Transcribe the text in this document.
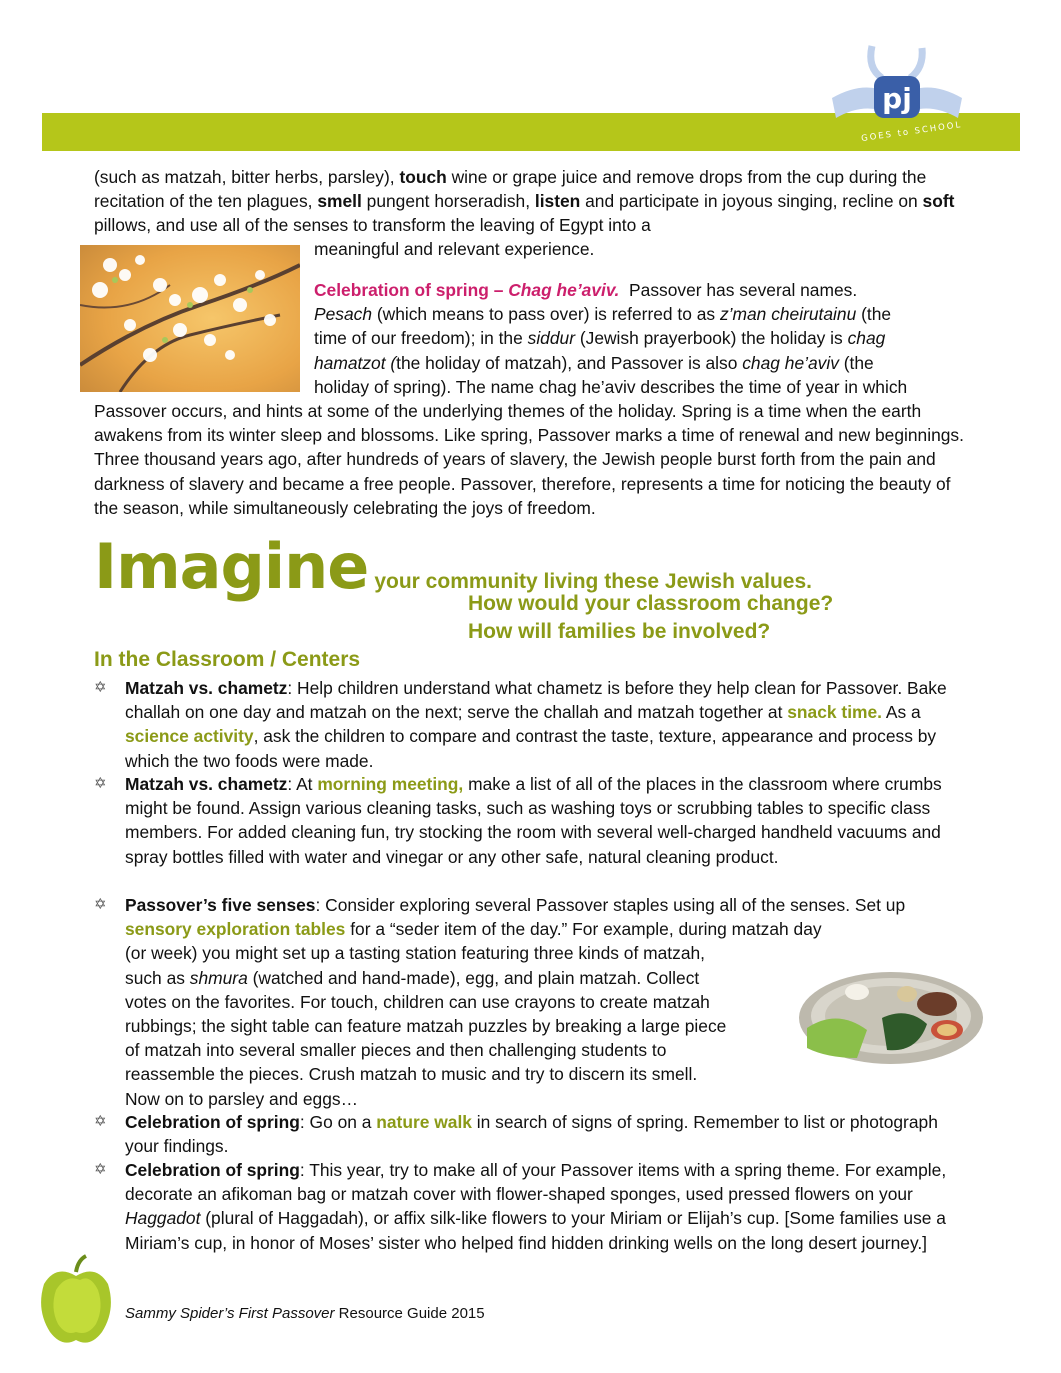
pj
GOES to SCHOOL

(such as matzah, bitter herbs, parsley), touch wine or grape juice and remove drops from the cup during the recitation of the ten plagues, smell pungent horseradish, listen and participate in joyous singing, recline on soft pillows, and use all of the senses to transform the leaving of Egypt into a

meaningful and relevant experience.
Celebration of spring – Chag he’aviv. Passover has several names.
Pesach (which means to pass over) is referred to as z’man cheirutainu (the
time of our freedom); in the siddur (Jewish prayerbook) the holiday is chag
hamatzot (the holiday of matzah), and Passover is also chag he’aviv (the
holiday of spring). The name chag he’aviv describes the time of year in which

Passover occurs, and hints at some of the underlying themes of the holiday. Spring is a time when the earth awakens from its winter sleep and blossoms. Like spring, Passover marks a time of renewal and new beginnings. Three thousand years ago, after hundreds of years of slavery, the Jewish people burst forth from the pain and darkness of slavery and became a free people. Passover, therefore, represents a time for noticing the beauty of the season, while simultaneously celebrating the joys of freedom.

Imagine your community living these Jewish values.
How would your classroom change?
How will families be involved?
In the Classroom / Centers
✡ Matzah vs. chametz: Help children understand what chametz is before they help clean for Passover. Bake challah on one day and matzah on the next; serve the challah and matzah together at snack time. As a science activity, ask the children to compare and contrast the taste, texture, appearance and process by which the two foods were made.
✡ Matzah vs. chametz: At morning meeting, make a list of all of the places in the classroom where crumbs might be found. Assign various cleaning tasks, such as washing toys or scrubbing tables to specific class members. For added cleaning fun, try stocking the room with several well-charged handheld vacuums and spray bottles filled with water and vinegar or any other safe, natural cleaning product.
✡ Passover’s five senses: Consider exploring several Passover staples using all of the senses. Set up sensory exploration tables for a “seder item of the day.” For example, during matzah day
(or week) you might set up a tasting station featuring three kinds of matzah,
such as shmura (watched and hand-made), egg, and plain matzah. Collect
votes on the favorites. For touch, children can use crayons to create matzah
rubbings; the sight table can feature matzah puzzles by breaking a large piece
of matzah into several smaller pieces and then challenging students to
reassemble the pieces. Crush matzah to music and try to discern its smell.
Now on to parsley and eggs…
✡ Celebration of spring: Go on a nature walk in search of signs of spring. Remember to list or photograph your findings.
✡ Celebration of spring: This year, try to make all of your Passover items with a spring theme. For example, decorate an afikoman bag or matzah cover with flower-shaped sponges, used pressed flowers on your Haggadot (plural of Haggadah), or affix silk-like flowers to your Miriam or Elijah’s cup. [Some families use a Miriam’s cup, in honor of Moses’ sister who helped find hidden drinking wells on the long desert journey.]
Sammy Spider’s First Passover Resource Guide 2015
